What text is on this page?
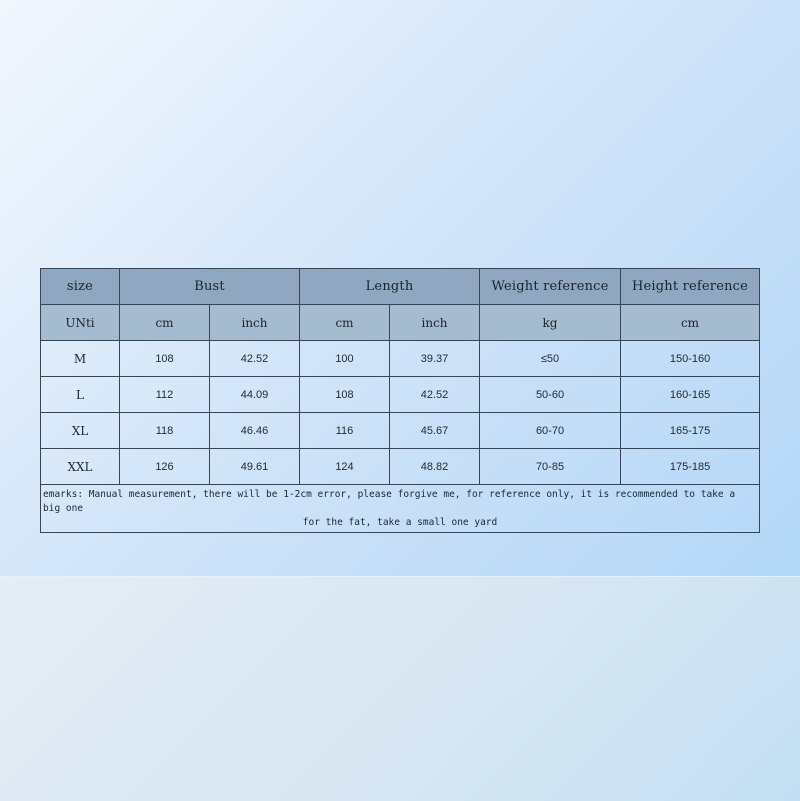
size	Bust		Length		Weight reference	Height reference
UNti	cm	inch	cm	inch	kg	cm
M	108	42.52	100	39.37	≤50	150-160
L	112	44.09	108	42.52	50-60	160-165
XL	118	46.46	116	45.67	60-70	165-175
XXL	126	49.61	124	48.82	70-85	175-185
emarks: Manual measurement, there will be 1-2cm error, please forgive me, for reference only, it is recommended to take a big one
for the fat, take a small one yard						
